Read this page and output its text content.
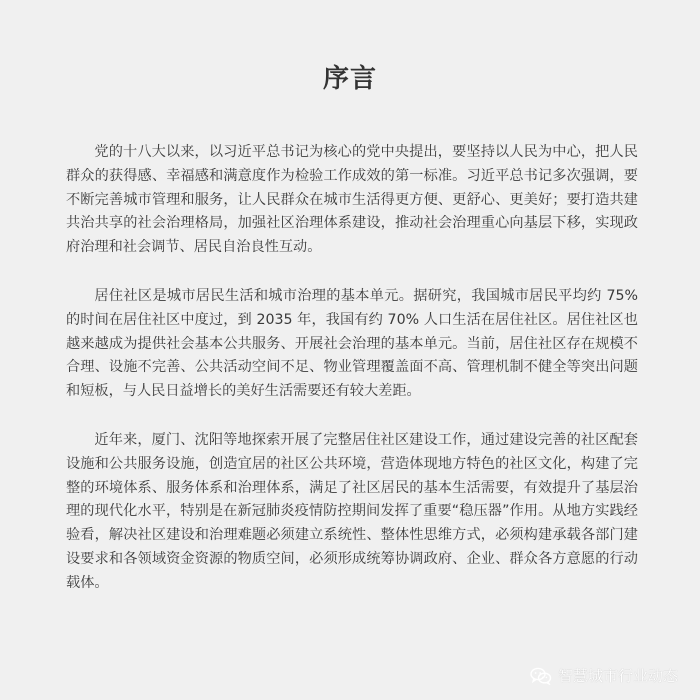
序言

党的十八大以来，以习近平总书记为核心的党中央提出，要坚持以人民为中心，把人民群众的获得感、幸福感和满意度作为检验工作成效的第一标准。习近平总书记多次强调，要不断完善城市管理和服务，让人民群众在城市生活得更方便、更舒心、更美好；要打造共建共治共享的社会治理格局，加强社区治理体系建设，推动社会治理重心向基层下移，实现政府治理和社会调节、居民自治良性互动。

居住社区是城市居民生活和城市治理的基本单元。据研究，我国城市居民平均约 75% 的时间在居住社区中度过，到 2035 年，我国有约 70% 人口生活在居住社区。居住社区也越来越成为提供社会基本公共服务、开展社会治理的基本单元。当前，居住社区存在规模不合理、设施不完善、公共活动空间不足、物业管理覆盖面不高、管理机制不健全等突出问题和短板，与人民日益增长的美好生活需要还有较大差距。

近年来，厦门、沈阳等地探索开展了完整居住社区建设工作，通过建设完善的社区配套设施和公共服务设施，创造宜居的社区公共环境，营造体现地方特色的社区文化，构建了完整的环境体系、服务体系和治理体系，满足了社区居民的基本生活需要，有效提升了基层治理的现代化水平，特别是在新冠肺炎疫情防控期间发挥了重要“稳压器”作用。从地方实践经验看，解决社区建设和治理难题必须建立系统性、整体性思维方式，必须构建承载各部门建设要求和各领域资金资源的物质空间，必须形成统筹协调政府、企业、群众各方意愿的行动载体。

智慧城市行业动态
